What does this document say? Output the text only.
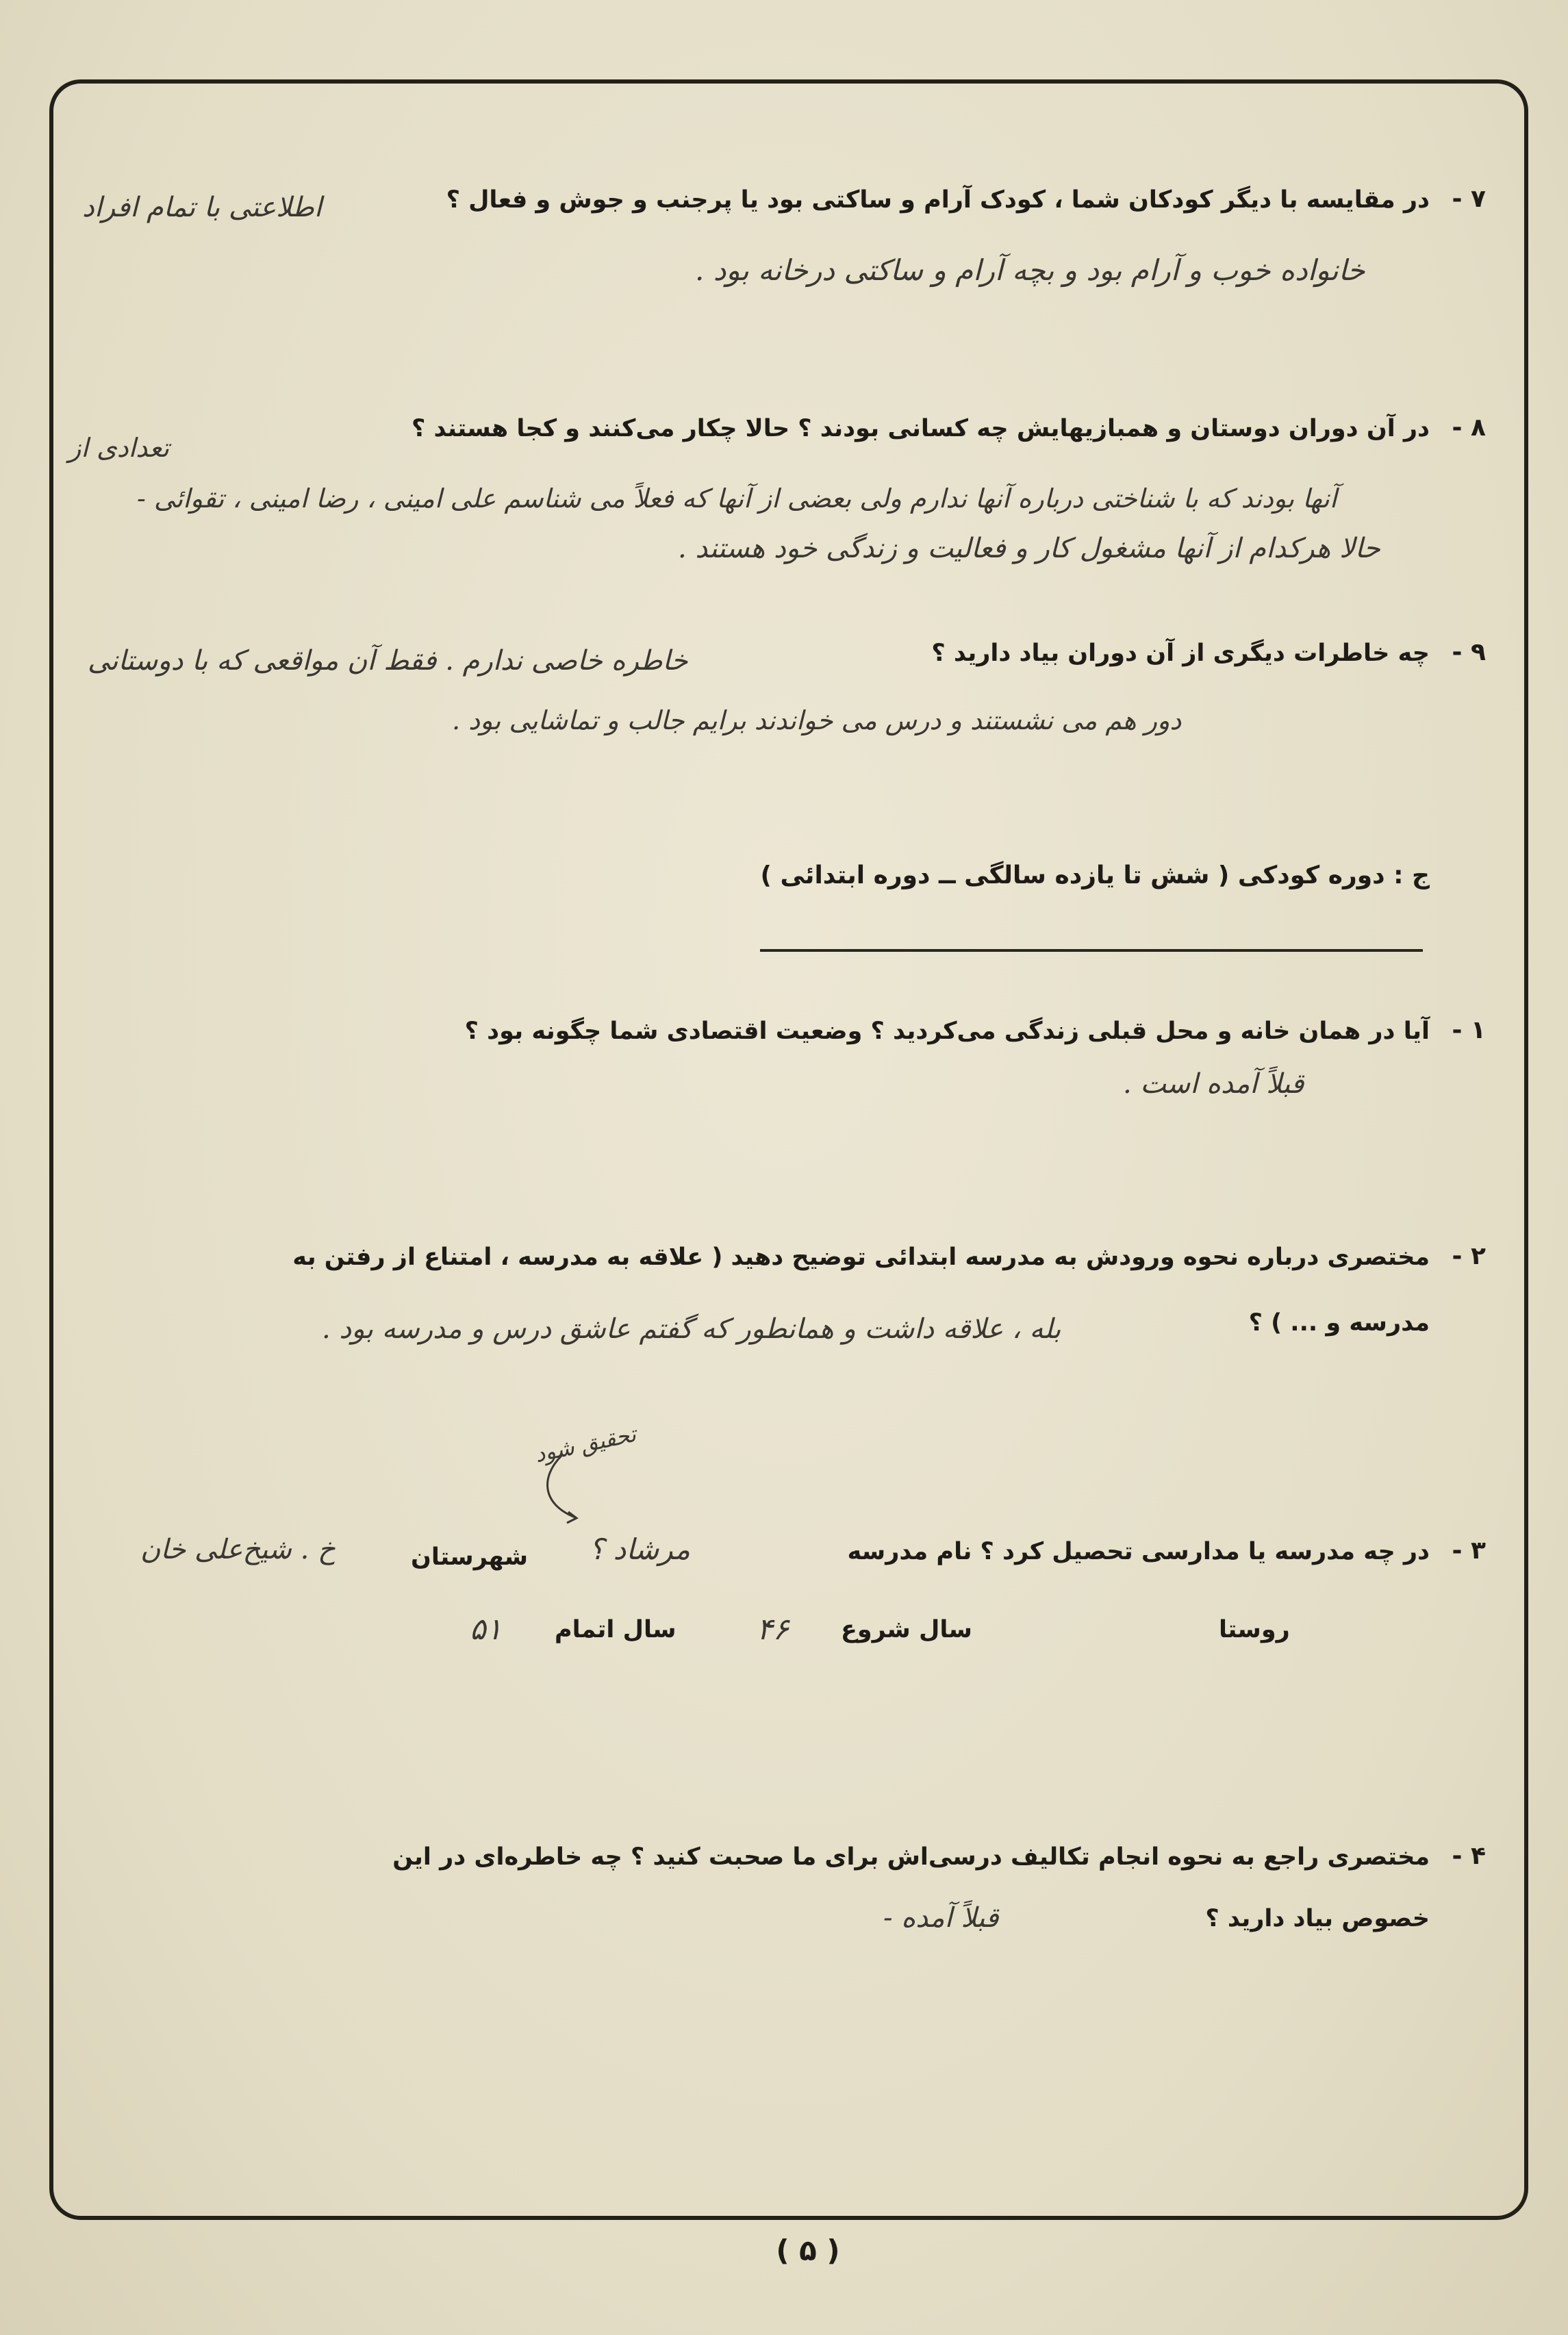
۷ -
در مقایسه با دیگر کودکان شما ، کودک آرام و ساکتی بود یا پرجنب و جوش و فعال ؟
اطلاعتی با تمام افراد
خانواده خوب و آرام بود و بچه آرام و ساکتی درخانه بود .
۸ -
در آن دوران دوستان و همبازیهایش چه کسانی بودند ؟ حالا چکار می‌کنند و کجا هستند ؟
تعدادی از
آنها بودند که با شناختی درباره آنها ندارم ولی بعضی از آنها که فعلاً می شناسم علی امینی ، رضا امینی ، تقوائی -
حالا هرکدام از آنها مشغول کار و فعالیت و زندگی خود هستند .
۹ -
چه خاطرات دیگری از آن دوران بیاد دارید ؟
خاطره خاصی ندارم . فقط آن مواقعی که با دوستانی
دور هم می نشستند و درس می خواندند برایم جالب و تماشایی بود .
ج : دوره کودکی ( شش تا یازده سالگی ــ دوره ابتدائی )
۱ -
آیا در همان خانه و محل قبلی زندگی می‌کردید ؟ وضعیت اقتصادی شما چگونه بود ؟
قبلاً آمده است .
۲ -
مختصری درباره نحوه ورودش به مدرسه ابتدائی توضیح دهید ( علاقه به مدرسه ، امتناع از رفتن به
مدرسه و ... ) ؟
بله ، علاقه داشت و همانطور که گفتم عاشق درس و مدرسه بود .
۳ -
در چه مدرسه یا مدارسی تحصیل کرد ؟ نام مدرسه
مرشاد ؟
تحقیق شود
شهرستان
خ . شیخ‌علی خان
روستا
سال شروع
۴۶
سال اتمام
۵۱
۴ -
مختصری راجع به نحوه انجام تکالیف درسی‌اش برای ما صحبت کنید ؟ چه خاطره‌ای در این
خصوص بیاد دارید ؟
قبلاً آمده -
( ۵ )
